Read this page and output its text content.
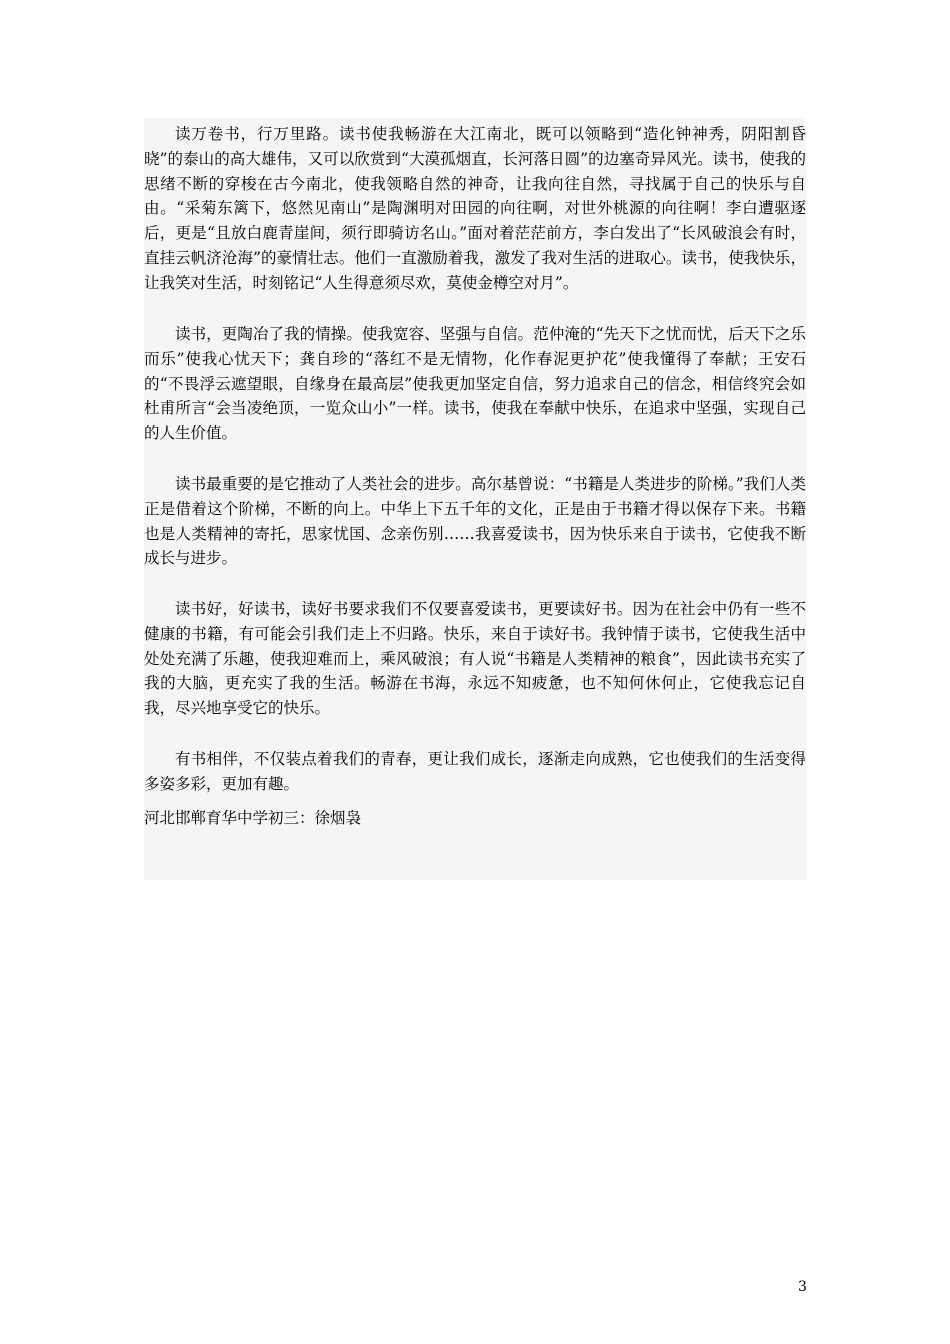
读万卷书，行万里路。读书使我畅游在大江南北，既可以领略到“造化钟神秀，阴阳割昏晓”的泰山的高大雄伟，又可以欣赏到“大漠孤烟直，长河落日圆”的边塞奇异风光。读书，使我的思绪不断的穿梭在古今南北，使我领略自然的神奇，让我向往自然，寻找属于自己的快乐与自由。“采菊东篱下，悠然见南山”是陶渊明对田园的向往啊，对世外桃源的向往啊！李白遭驱逐后，更是“且放白鹿青崖间，须行即骑访名山。”面对着茫茫前方，李白发出了“长风破浪会有时，直挂云帆济沧海”的豪情壮志。他们一直激励着我，激发了我对生活的进取心。读书，使我快乐，让我笑对生活，时刻铭记“人生得意须尽欢，莫使金樽空对月”。

读书，更陶冶了我的情操。使我宽容、坚强与自信。范仲淹的“先天下之忧而忧，后天下之乐而乐”使我心忧天下；龚自珍的“落红不是无情物，化作春泥更护花”使我懂得了奉献；王安石的“不畏浮云遮望眼，自缘身在最高层”使我更加坚定自信，努力追求自己的信念，相信终究会如杜甫所言“会当凌绝顶，一览众山小”一样。读书，使我在奉献中快乐，在追求中坚强，实现自己的人生价值。

读书最重要的是它推动了人类社会的进步。高尔基曾说：“书籍是人类进步的阶梯。”我们人类正是借着这个阶梯，不断的向上。中华上下五千年的文化，正是由于书籍才得以保存下来。书籍也是人类精神的寄托，思家忧国、念亲伤别……我喜爱读书，因为快乐来自于读书，它使我不断成长与进步。

读书好，好读书，读好书要求我们不仅要喜爱读书，更要读好书。因为在社会中仍有一些不健康的书籍，有可能会引我们走上不归路。快乐，来自于读好书。我钟情于读书，它使我生活中处处充满了乐趣，使我迎难而上，乘风破浪；有人说“书籍是人类精神的粮食”，因此读书充实了我的大脑，更充实了我的生活。畅游在书海，永远不知疲惫，也不知何休何止，它使我忘记自我，尽兴地享受它的快乐。

有书相伴，不仅装点着我们的青春，更让我们成长，逐渐走向成熟，它也使我们的生活变得多姿多彩，更加有趣。

河北邯郸育华中学初三：徐烟袅

3
